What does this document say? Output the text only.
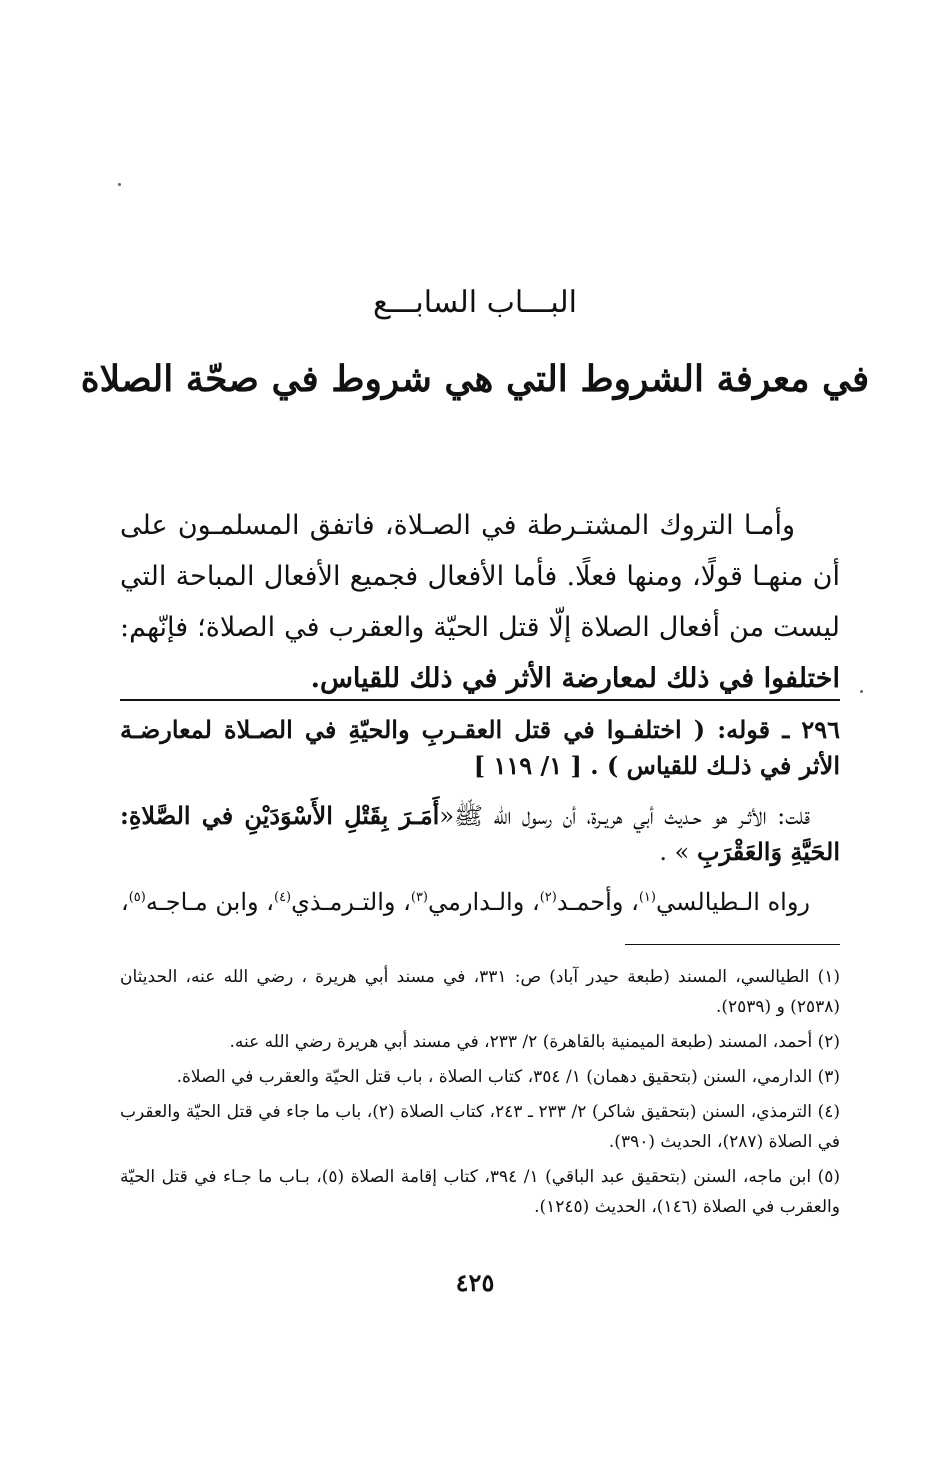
البـــاب السابـــع
في معرفة الشروط التي هي شروط في صحّة الصلاة

وأمـا التروك المشتـرطة في الصـلاة، فاتفق المسلمـون على أن منهـا قولًا، ومنها فعلًا. فأما الأفعال فجميع الأفعال المباحة التي ليست من أفعال الصلاة إلّا قتل الحيّة والعقرب في الصلاة؛ فإنّهم: اختلفوا في ذلك لمعارضة الأثر في ذلك للقياس.

٢٩٦ ـ قوله: ( اختلفـوا في قتل العقـربِ والحيّةِ في الصـلاة لمعارضـة الأثر في ذلـك للقياس ) . [ ١/ ١١٩ ]

قلت: الأثـر هو حـديث أبي هريـرة، أن رسول الله ﷺ«أَمَـرَ بِقَتْلِ الأَسْوَدَيْنِ في الصَّلاةِ: الحَيَّةِ وَالعَقْرَبِ » .

رواه الـطيالسي$^{(١)}$، وأحمـد$^{(٢)}$، والـدارمي$^{(٣)}$، والتـرمـذي$^{(٤)}$، وابن مـاجـه$^{(٥)}$،

(١) الطيالسي، المسند (طبعة حيدر آباد) ص: ٣٣١، في مسند أبي هريرة ، رضي الله عنه، الحديثان (٢٥٣٨) و (٢٥٣٩).

(٢) أحمد، المسند (طبعة الميمنية بالقاهرة) ٢/ ٢٣٣، في مسند أبي هريرة رضي الله عنه.

(٣) الدارمي، السنن (بتحقيق دهمان) ١/ ٣٥٤، كتاب الصلاة ، باب قتل الحيّة والعقرب في الصلاة.

(٤) الترمذي، السنن (بتحقيق شاكر) ٢/ ٢٣٣ ـ ٢٤٣، كتاب الصلاة (٢)، باب ما جاء في قتل الحيّة والعقرب في الصلاة (٢٨٧)، الحديث (٣٩٠).

(٥) ابن ماجه، السنن (بتحقيق عبد الباقي) ١/ ٣٩٤، كتاب إقامة الصلاة (٥)، بـاب ما جـاء في قتل الحيّة والعقرب في الصلاة (١٤٦)، الحديث (١٢٤٥).

٤٢٥
